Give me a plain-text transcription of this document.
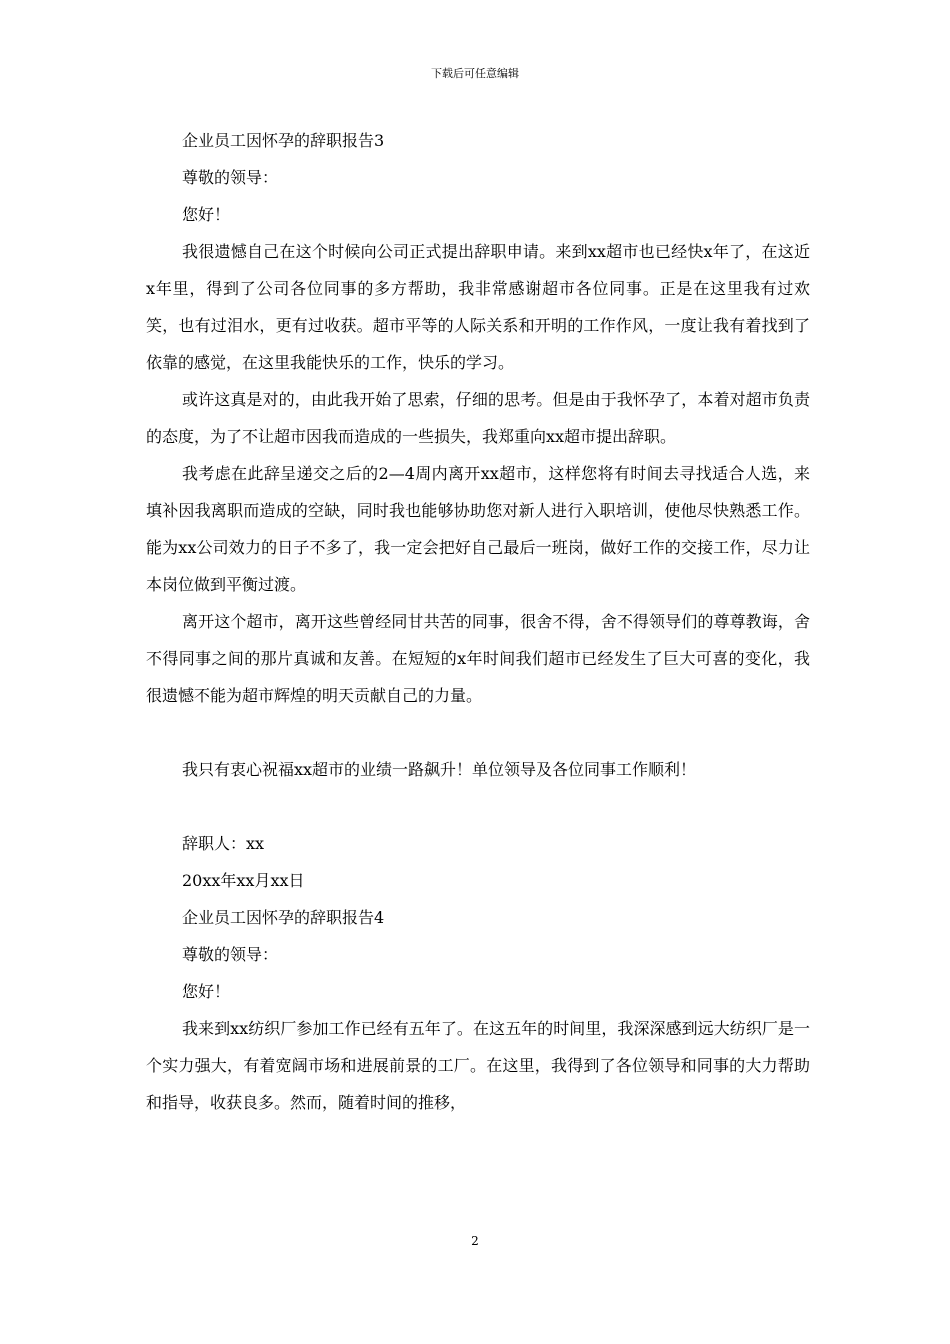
下载后可任意编辑

企业员工因怀孕的辞职报告3

尊敬的领导：

您好！

我很遗憾自己在这个时候向公司正式提出辞职申请。来到xx超市也已经快x年了，在这近x年里，得到了公司各位同事的多方帮助，我非常感谢超市各位同事。正是在这里我有过欢笑，也有过泪水，更有过收获。超市平等的人际关系和开明的工作作风，一度让我有着找到了依靠的感觉，在这里我能快乐的工作，快乐的学习。

或许这真是对的，由此我开始了思索，仔细的思考。但是由于我怀孕了，本着对超市负责的态度，为了不让超市因我而造成的一些损失，我郑重向xx超市提出辞职。

我考虑在此辞呈递交之后的2—4周内离开xx超市，这样您将有时间去寻找适合人选，来填补因我离职而造成的空缺，同时我也能够协助您对新人进行入职培训，使他尽快熟悉工作。能为xx公司效力的日子不多了，我一定会把好自己最后一班岗，做好工作的交接工作，尽力让本岗位做到平衡过渡。

离开这个超市，离开这些曾经同甘共苦的同事，很舍不得，舍不得领导们的尊尊教诲，舍不得同事之间的那片真诚和友善。在短短的x年时间我们超市已经发生了巨大可喜的变化，我很遗憾不能为超市辉煌的明天贡献自己的力量。

我只有衷心祝福xx超市的业绩一路飙升！单位领导及各位同事工作顺利！

辞职人：xx

20xx年xx月xx日

企业员工因怀孕的辞职报告4

尊敬的领导：

您好！

我来到xx纺织厂参加工作已经有五年了。在这五年的时间里，我深深感到远大纺织厂是一个实力强大，有着宽阔市场和进展前景的工厂。在这里，我得到了各位领导和同事的大力帮助和指导，收获良多。然而，随着时间的推移，

2
